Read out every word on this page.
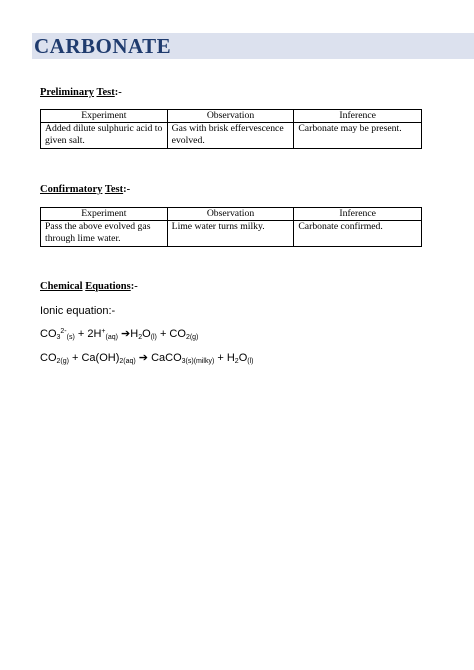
CARBONATE
Preliminary Test:-
Experiment	Observation	Inference
Added dilute sulphuric acid to given salt.	Gas with brisk effervescence evolved.	Carbonate may be present.
Confirmatory Test:-
Experiment	Observation	Inference
Pass the above evolved gas through lime water.	Lime water turns milky.	Carbonate confirmed.
Chemical Equations:-
Ionic equation:-
$CO_3^{2-}_{(s)} + 2H^+_{(aq)}$ $➔H_2O_{(l)} + CO_{2(g)}$
$CO_{2(g)} + Ca(OH)_{2(aq)}$ ➔ CaCO$_{3(s)(milky)}$ + $H_2O_{(l)}$
